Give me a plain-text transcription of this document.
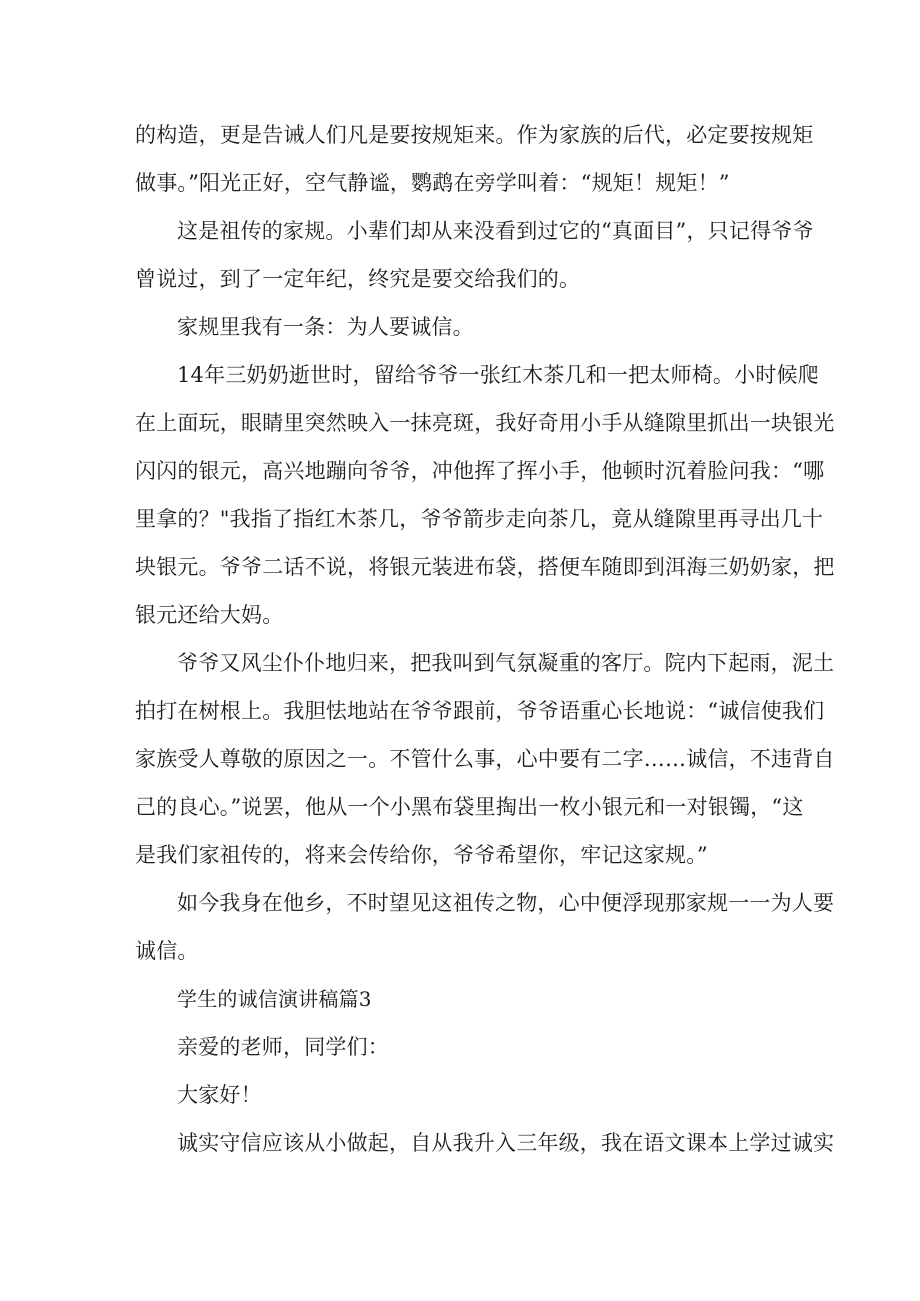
的构造，更是告诫人们凡是要按规矩来。作为家族的后代，必定要按规矩
做事。”阳光正好，空气静谧，鹦鹉在旁学叫着：“规矩！规矩！”
这是祖传的家规。小辈们却从来没看到过它的“真面目”，只记得爷爷
曾说过，到了一定年纪，终究是要交给我们的。
家规里我有一条：为人要诚信。
14年三奶奶逝世时，留给爷爷一张红木茶几和一把太师椅。小时候爬
在上面玩，眼睛里突然映入一抹亮斑，我好奇用小手从缝隙里抓出一块银光
闪闪的银元，高兴地蹦向爷爷，冲他挥了挥小手，他顿时沉着脸问我：“哪
里拿的？"我指了指红木茶几，爷爷箭步走向茶几，竟从缝隙里再寻出几十
块银元。爷爷二话不说，将银元装进布袋，搭便车随即到洱海三奶奶家，把
银元还给大妈。
爷爷又风尘仆仆地归来，把我叫到气氛凝重的客厅。院内下起雨，泥土
拍打在树根上。我胆怯地站在爷爷跟前，爷爷语重心长地说：“诚信使我们
家族受人尊敬的原因之一。不管什么事，心中要有二字……诚信，不违背自
己的良心。”说罢，他从一个小黑布袋里掏出一枚小银元和一对银镯，“这
是我们家祖传的，将来会传给你，爷爷希望你，牢记这家规。”
如今我身在他乡，不时望见这祖传之物，心中便浮现那家规一一为人要
诚信。
学生的诚信演讲稿篇3
亲爱的老师，同学们：
大家好！
诚实守信应该从小做起，自从我升入三年级，我在语文课本上学过诚实
